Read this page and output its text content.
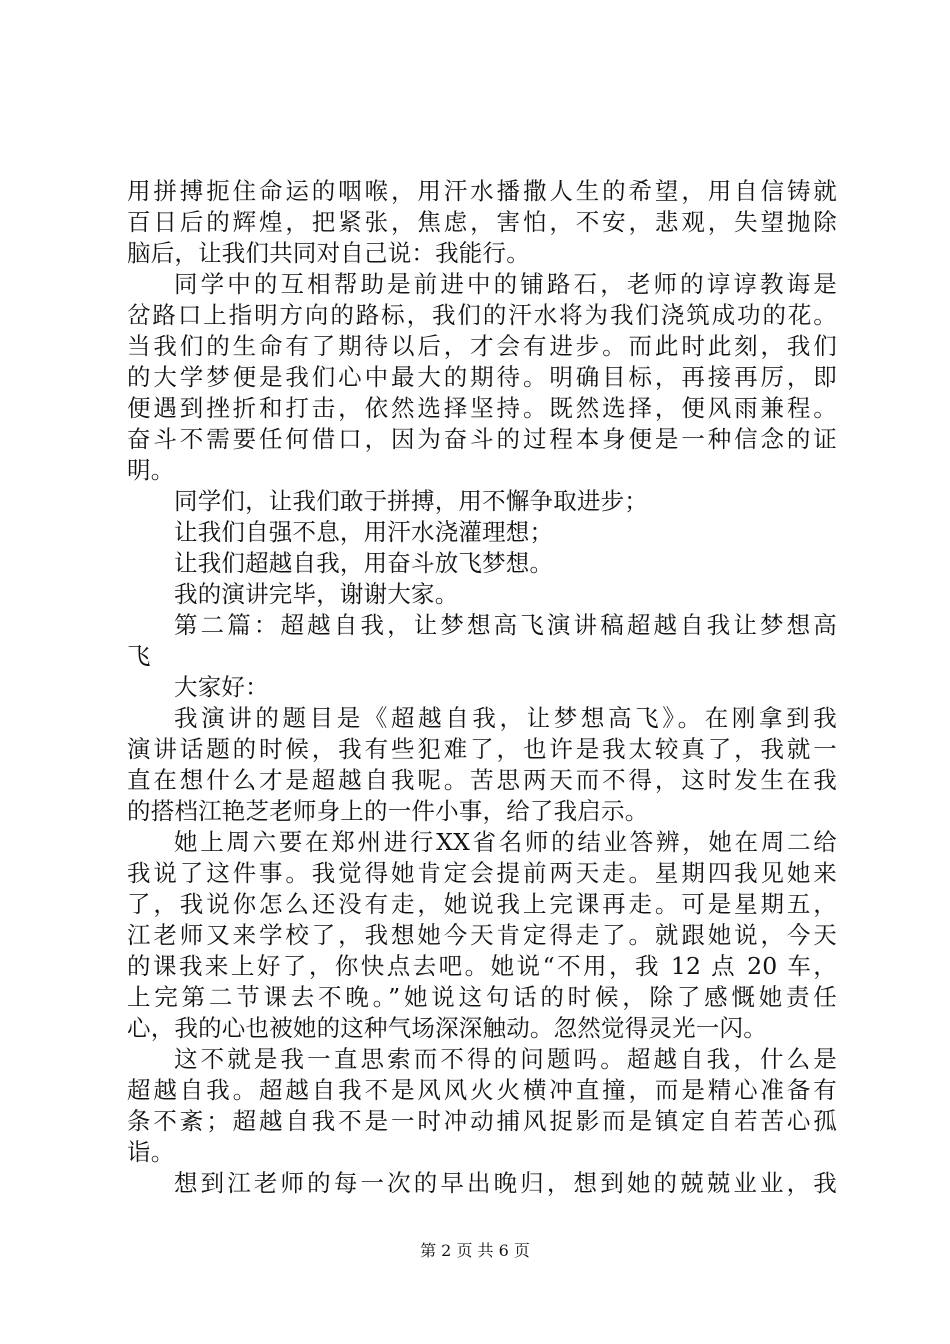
用拼搏扼住命运的咽喉，用汗水播撒人生的希望，用自信铸就
百日后的辉煌，把紧张，焦虑，害怕，不安，悲观，失望抛除
脑后，让我们共同对自己说：我能行。
同学中的互相帮助是前进中的铺路石，老师的谆谆教诲是
岔路口上指明方向的路标，我们的汗水将为我们浇筑成功的花。
当我们的生命有了期待以后，才会有进步。而此时此刻，我们
的大学梦便是我们心中最大的期待。明确目标，再接再厉，即
便遇到挫折和打击，依然选择坚持。既然选择，便风雨兼程。
奋斗不需要任何借口，因为奋斗的过程本身便是一种信念的证
明。
同学们，让我们敢于拼搏，用不懈争取进步；
让我们自强不息，用汗水浇灌理想；
让我们超越自我，用奋斗放飞梦想。
我的演讲完毕，谢谢大家。
第二篇：超越自我，让梦想高飞演讲稿超越自我让梦想高
飞
大家好：
我演讲的题目是《超越自我，让梦想高飞》。在刚拿到我
演讲话题的时候，我有些犯难了，也许是我太较真了，我就一
直在想什么才是超越自我呢。苦思两天而不得，这时发生在我
的搭档江艳芝老师身上的一件小事，给了我启示。
她上周六要在郑州进行XX省名师的结业答辨，她在周二给
我说了这件事。我觉得她肯定会提前两天走。星期四我见她来
了，我说你怎么还没有走，她说我上完课再走。可是星期五，
江老师又来学校了，我想她今天肯定得走了。就跟她说，今天
的课我来上好了，你快点去吧。她说“不用，我 12 点 20 车，
上完第二节课去不晚。”她说这句话的时候，除了感慨她责任
心，我的心也被她的这种气场深深触动。忽然觉得灵光一闪。
这不就是我一直思索而不得的问题吗。超越自我，什么是
超越自我。超越自我不是风风火火横冲直撞，而是精心准备有
条不紊；超越自我不是一时冲动捕风捉影而是镇定自若苦心孤
诣。
想到江老师的每一次的早出晚归，想到她的兢兢业业，我
第 2 页 共 6 页
